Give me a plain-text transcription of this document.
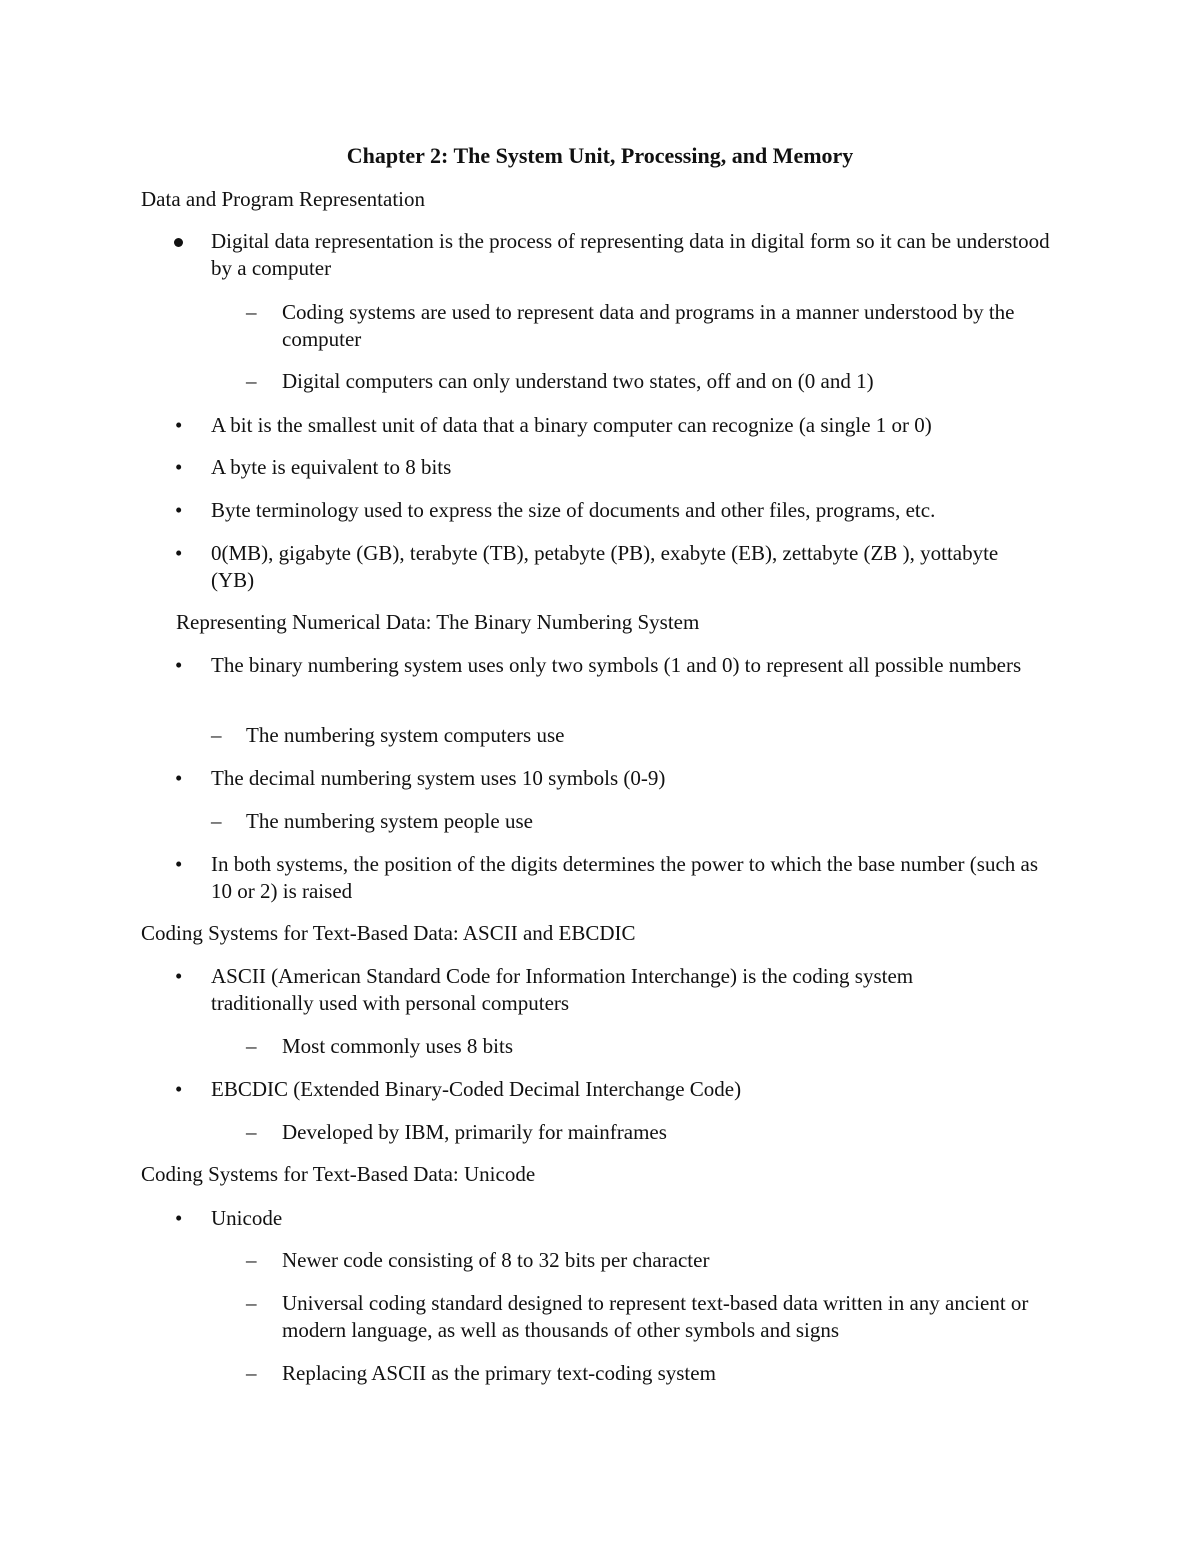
Chapter 2: The System Unit, Processing, and Memory
Data and Program Representation
Digital data representation is the process of representing data in digital form so it can be understood by a computer
– Coding systems are used to represent data and programs in a manner understood by the computer
– Digital computers can only understand two states, off and on (0 and 1)
• A bit is the smallest unit of data that a binary computer can recognize (a single 1 or 0)
• A byte is equivalent to 8 bits
• Byte terminology used to express the size of documents and other files, programs, etc.
• 0(MB), gigabyte (GB), terabyte (TB), petabyte (PB), exabyte (EB), zettabyte (ZB ), yottabyte (YB)
Representing Numerical Data: The Binary Numbering System
• The binary numbering system uses only two symbols (1 and 0) to represent all possible numbers
– The numbering system computers use
• The decimal numbering system uses 10 symbols (0-9)
– The numbering system people use
• In both systems, the position of the digits determines the power to which the base number (such as 10 or 2) is raised
Coding Systems for Text-Based Data: ASCII and EBCDIC
• ASCII (American Standard Code for Information Interchange) is the coding system traditionally used with personal computers
– Most commonly uses 8 bits
• EBCDIC (Extended Binary-Coded Decimal Interchange Code)
– Developed by IBM, primarily for mainframes
Coding Systems for Text-Based Data: Unicode
• Unicode
– Newer code consisting of 8 to 32 bits per character
– Universal coding standard designed to represent text-based data written in any ancient or modern language, as well as thousands of other symbols and signs
– Replacing ASCII as the primary text-coding system
